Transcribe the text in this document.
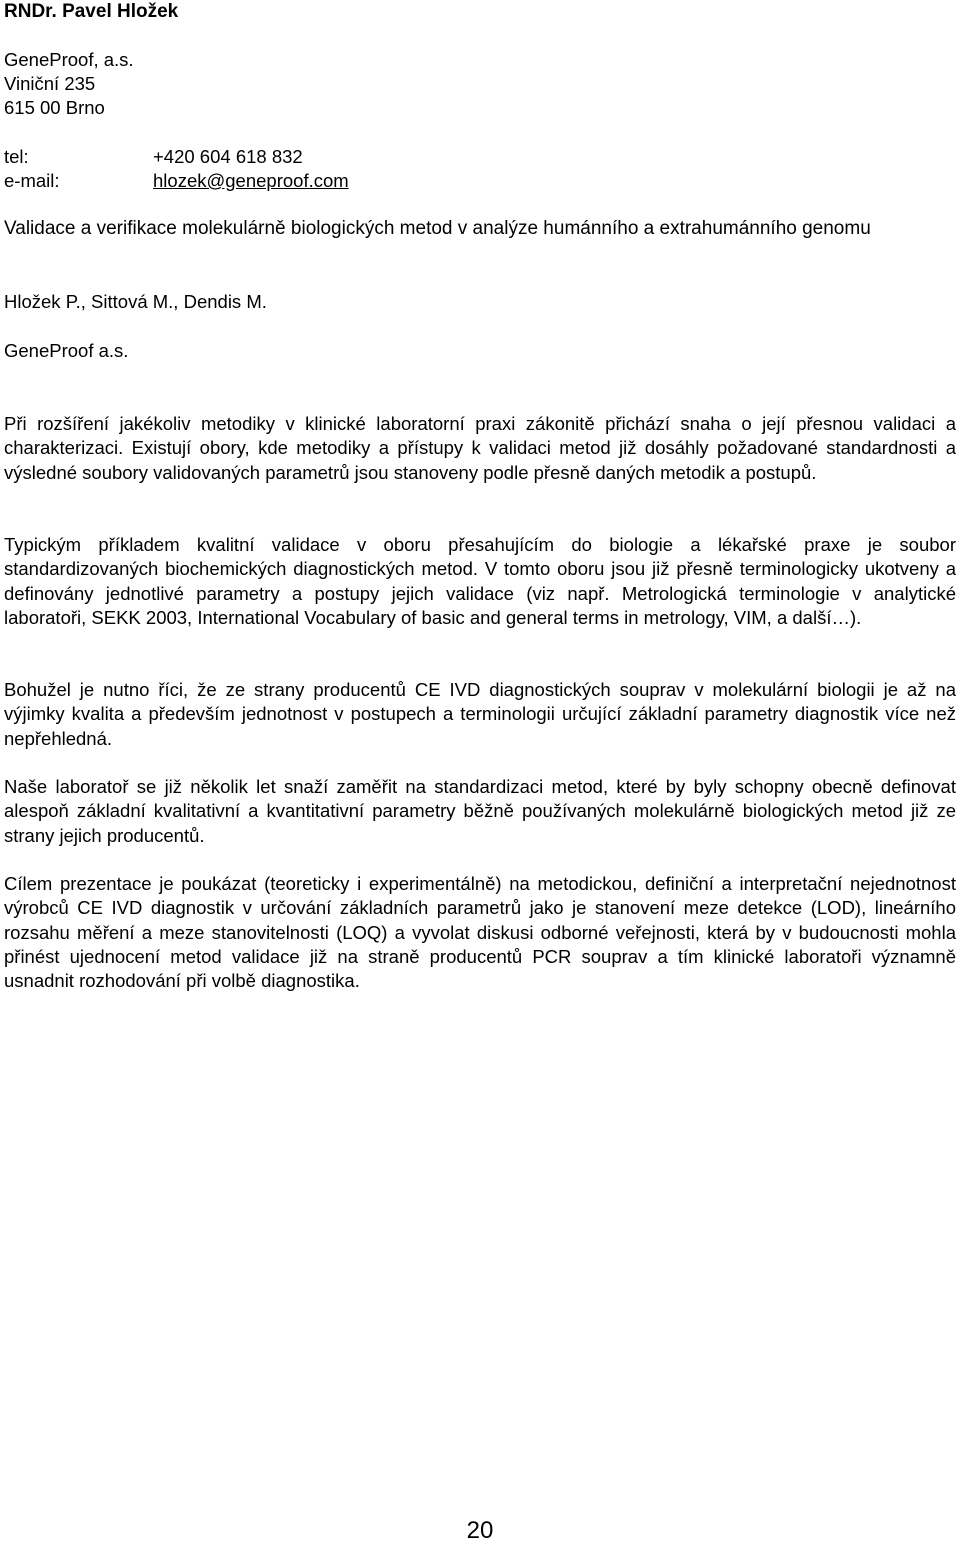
RNDr. Pavel Hložek
GeneProof, a.s.
Viniční 235
615 00 Brno
tel:	+420 604 618 832
e-mail:	hlozek@geneproof.com
Validace a verifikace molekulárně biologických metod v analýze humánního a extrahumánního genomu
Hložek P., Sittová M., Dendis M.
GeneProof a.s.
Při rozšíření jakékoliv metodiky v klinické laboratorní praxi zákonitě přichází snaha o její přesnou validaci a charakterizaci. Existují obory, kde metodiky a přístupy k validaci metod již dosáhly požadované standardnosti a výsledné soubory validovaných parametrů jsou stanoveny podle přesně daných metodik a postupů.
Typickým příkladem kvalitní validace v oboru přesahujícím do biologie a lékařské praxe je soubor standardizovaných biochemických diagnostických metod. V tomto oboru jsou již přesně terminologicky ukotveny a definovány jednotlivé parametry a postupy jejich validace (viz např. Metrologická terminologie v analytické laboratoři, SEKK 2003, International Vocabulary of basic and general terms in metrology, VIM, a další…).
Bohužel je nutno říci, že ze strany producentů CE IVD diagnostických souprav v molekulární biologii je až na výjimky kvalita a především jednotnost v postupech a terminologii určující základní parametry diagnostik více než nepřehledná.
Naše laboratoř se již několik let snaží zaměřit na standardizaci metod, které by byly schopny obecně definovat alespoň základní kvalitativní a kvantitativní parametry běžně používaných molekulárně biologických metod již ze strany jejich producentů.
Cílem prezentace je poukázat (teoreticky i experimentálně) na metodickou, definiční a interpretační nejednotnost výrobců CE IVD diagnostik v určování základních parametrů jako je stanovení meze detekce (LOD), lineárního rozsahu měření a meze stanovitelnosti (LOQ) a vyvolat diskusi odborné veřejnosti, která by v budoucnosti mohla přinést ujednocení metod validace již na straně producentů PCR souprav a tím klinické laboratoři významně usnadnit rozhodování při volbě diagnostika.
20
